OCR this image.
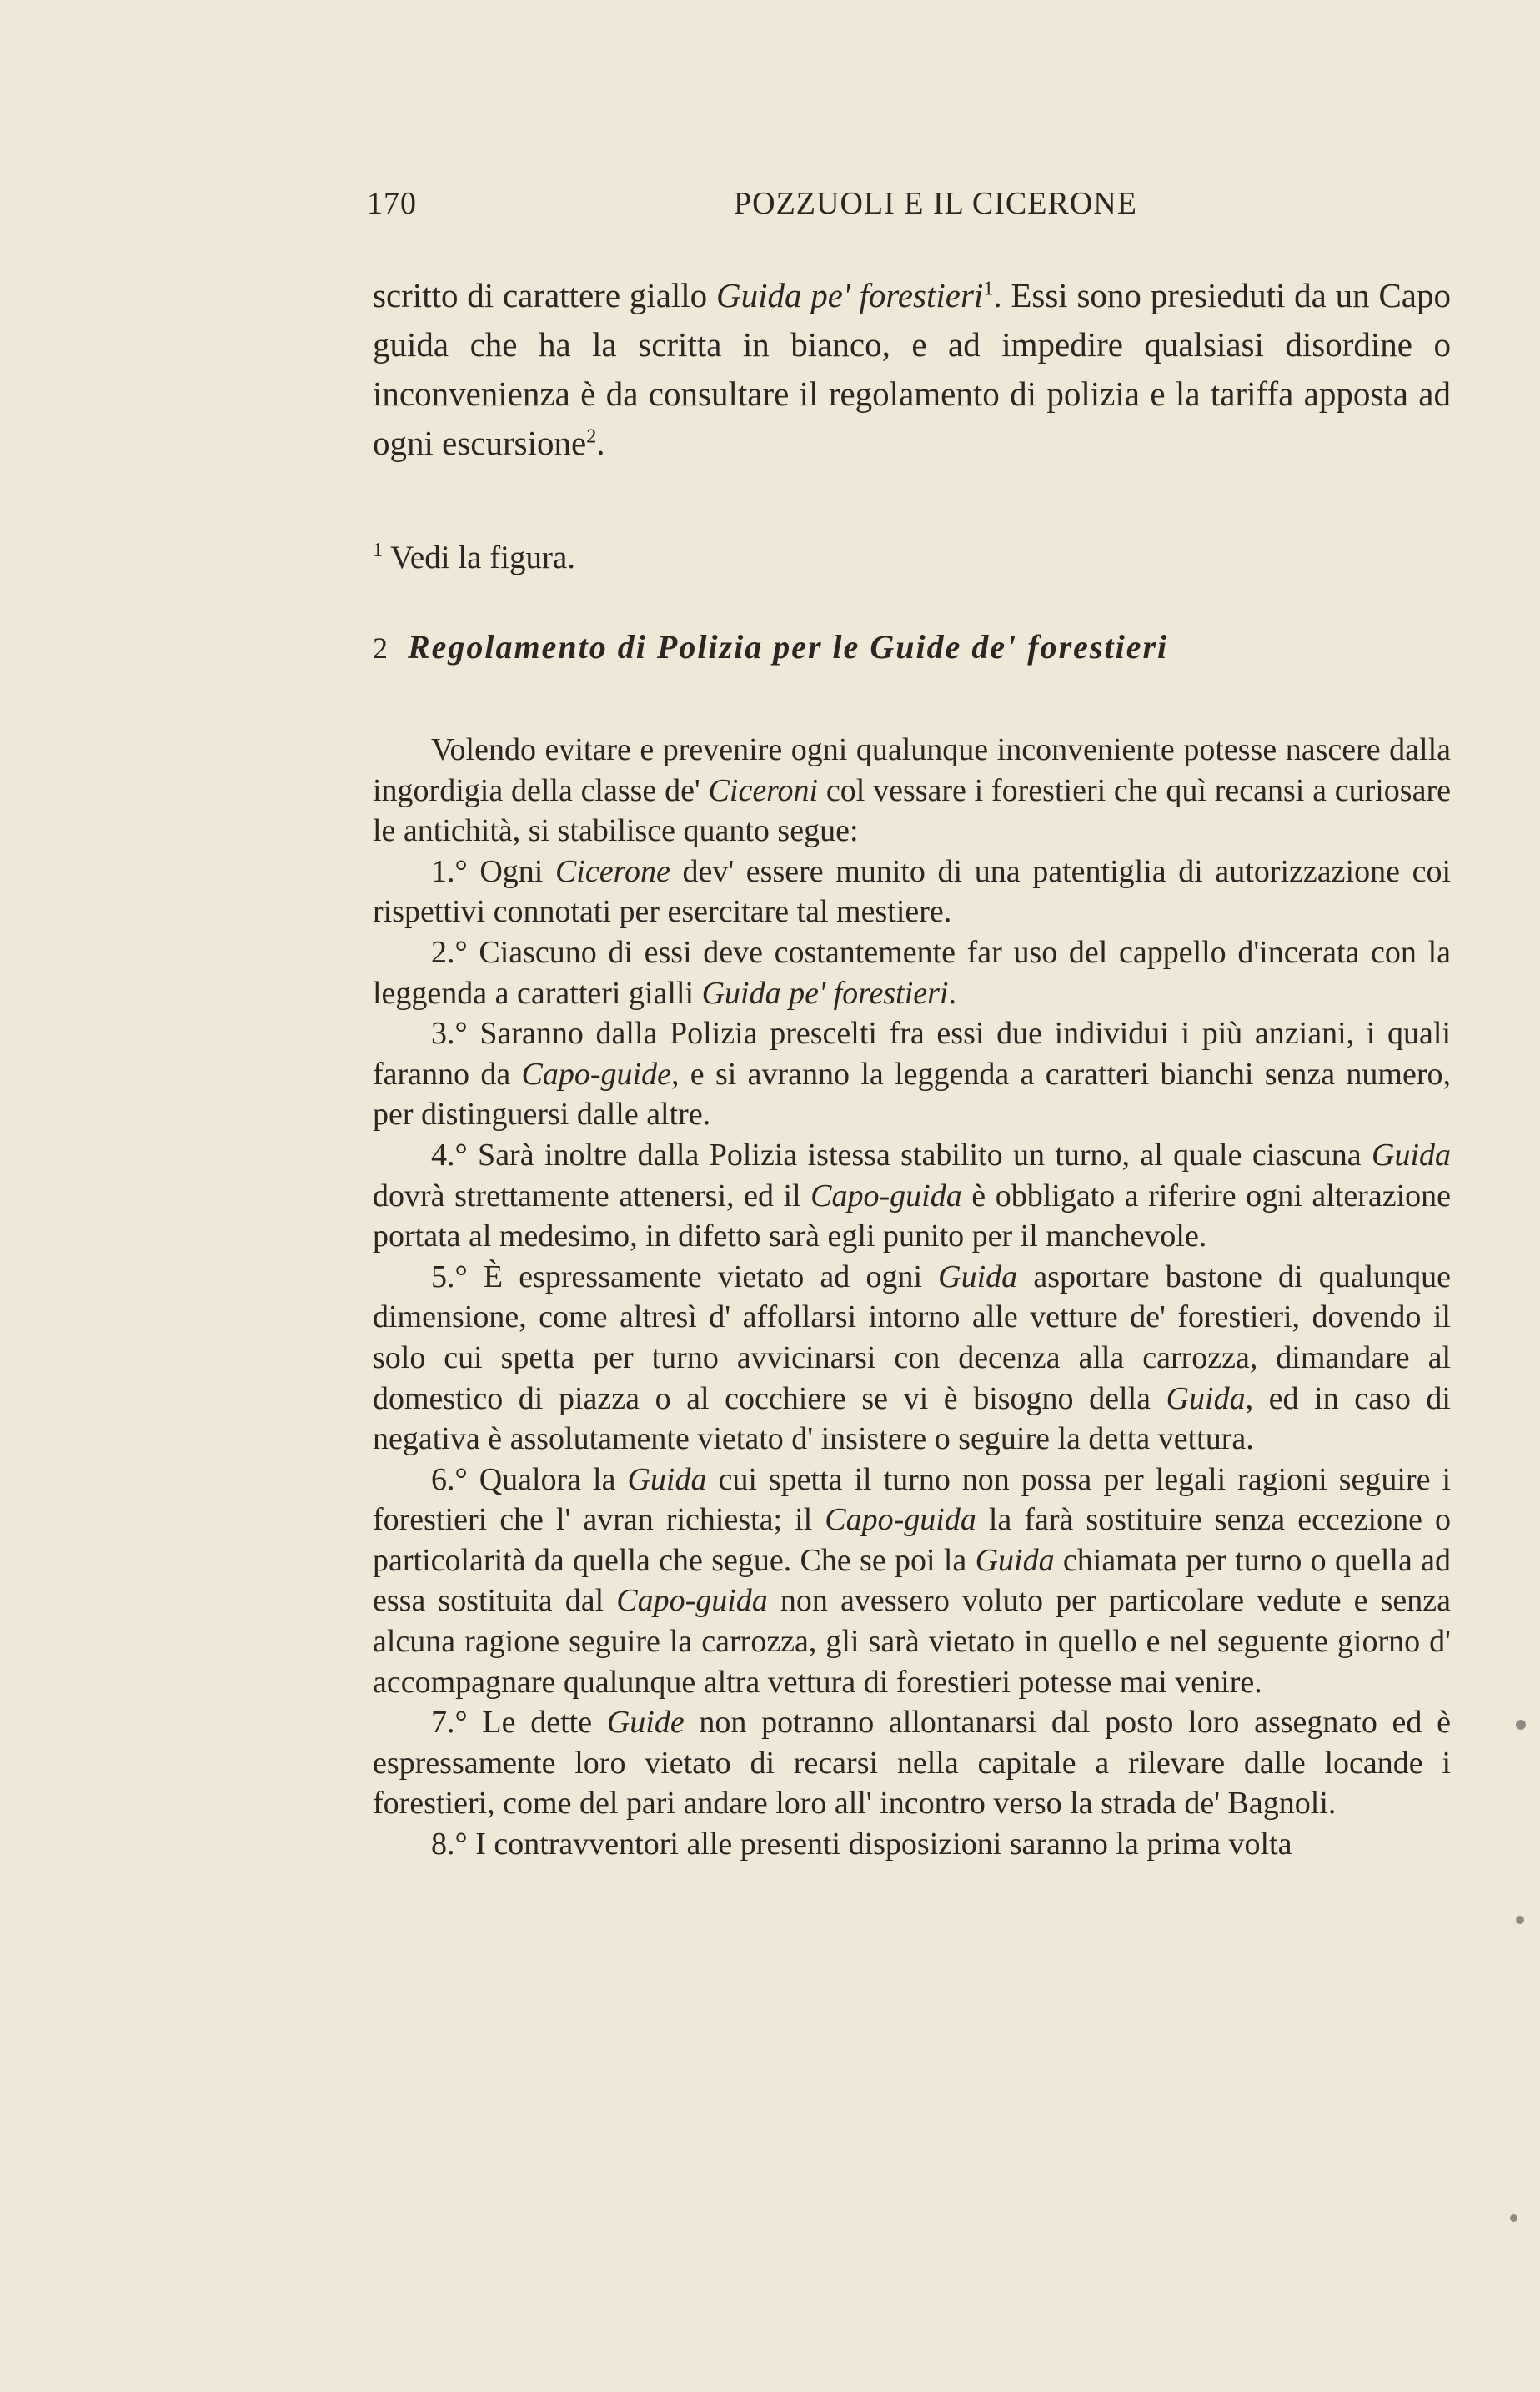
170	POZZUOLI E IL CICERONE
scritto di carattere giallo Guida pe' forestieri$^1$. Essi sono presieduti da un Capo guida che ha la scritta in bianco, e ad impedire qualsiasi disordine o inconvenienza è da consultare il regolamento di polizia e la tariffa apposta ad ogni escursione$^2$.
$^1$ Vedi la figura.
2 Regolamento di Polizia per le Guide de' forestieri

Volendo evitare e prevenire ogni qualunque inconveniente potesse nascere dalla ingordigia della classe de' Ciceroni col vessare i forestieri che quì recansi a curiosare le antichità, si stabilisce quanto segue:

1.° Ogni Cicerone dev' essere munito di una patentiglia di autorizzazione coi rispettivi connotati per esercitare tal mestiere.

2.° Ciascuno di essi deve costantemente far uso del cappello d'incerata con la leggenda a caratteri gialli Guida pe' forestieri.

3.° Saranno dalla Polizia prescelti fra essi due individui i più anziani, i quali faranno da Capo-guide, e si avranno la leggenda a caratteri bianchi senza numero, per distinguersi dalle altre.

4.° Sarà inoltre dalla Polizia istessa stabilito un turno, al quale ciascuna Guida dovrà strettamente attenersi, ed il Capo-guida è obbligato a riferire ogni alterazione portata al medesimo, in difetto sarà egli punito per il manchevole.

5.° È espressamente vietato ad ogni Guida asportare bastone di qualunque dimensione, come altresì d' affollarsi intorno alle vetture de' forestieri, dovendo il solo cui spetta per turno avvicinarsi con decenza alla carrozza, dimandare al domestico di piazza o al cocchiere se vi è bisogno della Guida, ed in caso di negativa è assolutamente vietato d' insistere o seguire la detta vettura.

6.° Qualora la Guida cui spetta il turno non possa per legali ragioni seguire i forestieri che l' avran richiesta; il Capo-guida la farà sostituire senza eccezione o particolarità da quella che segue. Che se poi la Guida chiamata per turno o quella ad essa sostituita dal Capo-guida non avessero voluto per particolare vedute e senza alcuna ragione seguire la carrozza, gli sarà vietato in quello e nel seguente giorno d' accompagnare qualunque altra vettura di forestieri potesse mai venire.

7.° Le dette Guide non potranno allontanarsi dal posto loro assegnato ed è espressamente loro vietato di recarsi nella capitale a rilevare dalle locande i forestieri, come del pari andare loro all' incontro verso la strada de' Bagnoli.

8.° I contravventori alle presenti disposizioni saranno la prima volta
